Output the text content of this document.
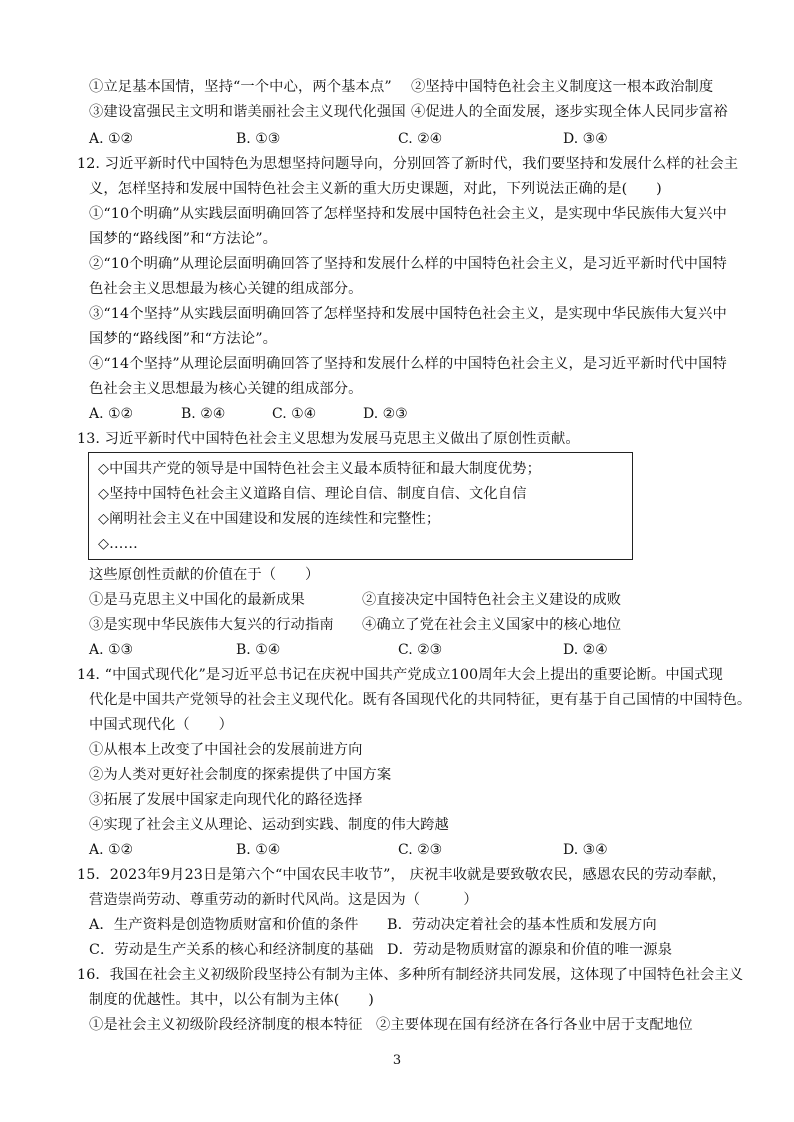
①立足基本国情，坚持“一个中心，两个基本点” ②坚持中国特色社会主义制度这一根本政治制度
③建设富强民主文明和谐美丽社会主义现代化强国 ④促进人的全面发展，逐步实现全体人民同步富裕
A. ①②	B. ①③	C. ②④	D. ③④
12. 习近平新时代中国特色为思想坚持问题导向，分别回答了新时代，我们要坚持和发展什么样的社会主
义，怎样坚持和发展中国特色社会主义新的重大历史课题，对此，下列说法正确的是(　　)
①“10个明确”从实践层面明确回答了怎样坚持和发展中国特色社会主义，是实现中华民族伟大复兴中
国梦的“路线图”和“方法论”。
②“10个明确”从理论层面明确回答了坚持和发展什么样的中国特色社会主义，是习近平新时代中国特
色社会主义思想最为核心关键的组成部分。
③“14个坚持”从实践层面明确回答了怎样坚持和发展中国特色社会主义，是实现中华民族伟大复兴中
国梦的“路线图”和“方法论”。
④“14个坚持”从理论层面明确回答了坚持和发展什么样的中国特色社会主义，是习近平新时代中国特
色社会主义思想最为核心关键的组成部分。
A. ①②	B. ②④	C. ①④	D. ②③
13. 习近平新时代中国特色社会主义思想为发展马克思主义做出了原创性贡献。
◇中国共产党的领导是中国特色社会主义最本质特征和最大制度优势；
◇坚持中国特色社会主义道路自信、理论自信、制度自信、文化自信
◇阐明社会主义在中国建设和发展的连续性和完整性；
◇……
这些原创性贡献的价值在于（　　）
①是马克思主义中国化的最新成果	②直接决定中国特色社会主义建设的成败
③是实现中华民族伟大复兴的行动指南 ④确立了党在社会主义国家中的核心地位
A. ①③	B. ①④	C. ②③	D. ②④
14. “中国式现代化”是习近平总书记在庆祝中国共产党成立100周年大会上提出的重要论断。中国式现
代化是中国共产党领导的社会主义现代化。既有各国现代化的共同特征，更有基于自己国情的中国特色。
中国式现代化（　　）
①从根本上改变了中国社会的发展前进方向
②为人类对更好社会制度的探索提供了中国方案
③拓展了发展中国家走向现代化的路径选择
④实现了社会主义从理论、运动到实践、制度的伟大跨越
A. ①②	B. ①④	C. ②③	D. ③④
15．2023年9月23日是第六个“中国农民丰收节”， 庆祝丰收就是要致敬农民，感恩农民的劳动奉献，
营造崇尚劳动、尊重劳动的新时代风尚。这是因为（　　　）
A．生产资料是创造物质财富和价值的条件 B．劳动决定着社会的基本性质和发展方向
C．劳动是生产关系的核心和经济制度的基础 D．劳动是物质财富的源泉和价值的唯一源泉
16．我国在社会主义初级阶段坚持公有制为主体、多种所有制经济共同发展，这体现了中国特色社会主义
制度的优越性。其中，以公有制为主体(　　)
①是社会主义初级阶段经济制度的根本特征 ②主要体现在国有经济在各行各业中居于支配地位
3
